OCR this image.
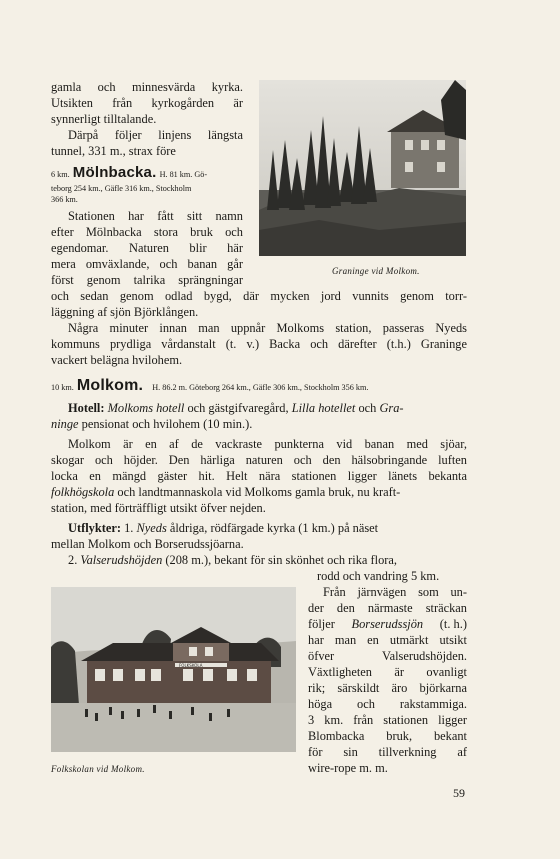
gamla och minnesvärda kyrka.
Utsikten från kyrkogården är
synnerligt tilltalande.
Därpå följer linjens längsta
tunnel, 331 m., strax före
6 km. Mölnbacka. H. 81 km. Gö-
teborg 254 km., Gäfle 316 km., Stockholm
366 km.
Stationen har fått sitt namn
efter Mölnbacka stora bruk och
egendomar. Naturen blir här
mera omväxlande, och banan går
först genom talrika sprängningar
Graninge vid Molkom.
och sedan genom odlad bygd, där mycken jord vunnits genom torr-
läggning af sjön Björklången.
Några minuter innan man uppnår Molkoms station, passeras Nyeds
kommuns prydliga vårdanstalt (t. v.) Backa och därefter (t.h.) Graninge
vackert belägna hvilohem.
10 km. Molkom. H. 86.2 m. Göteborg 264 km., Gäfle 306 km., Stockholm 356 km.
Hotell: Molkoms hotell och gästgifvaregård, Lilla hotellet och Gra-
ninge pensionat och hvilohem (10 min.).
Molkom är en af de vackraste punkterna vid banan med sjöar,
skogar och höjder. Den härliga naturen och den hälsobringande luften
locka en mängd gäster hit. Helt nära stationen ligger länets bekanta
folkhögskola och landtmannaskola vid Molkoms gamla bruk, nu kraft-
station, med förträffligt utsikt öfver nejden.
Utflykter: 1. Nyeds åldriga, rödfärgade kyrka (1 km.) på näset
mellan Molkom och Borserudssjöarna.
2. Valserudshöjden (208 m.), bekant för sin skönhet och rika flora,
rodd och vandring 5 km.
FOLKSKOLA
Folkskolan vid Molkom.
Från järnvägen som un-
der den närmaste sträckan
följer Borserudssjön (t. h.)
har man en utmärkt utsikt
öfver Valserudshöjden.
Växtligheten är ovanligt
rik; särskildt äro björkarna
höga och rakstammiga.
3 km. från stationen ligger
Blombacka bruk, bekant
för sin tillverkning af
wire-rope m. m.
59
